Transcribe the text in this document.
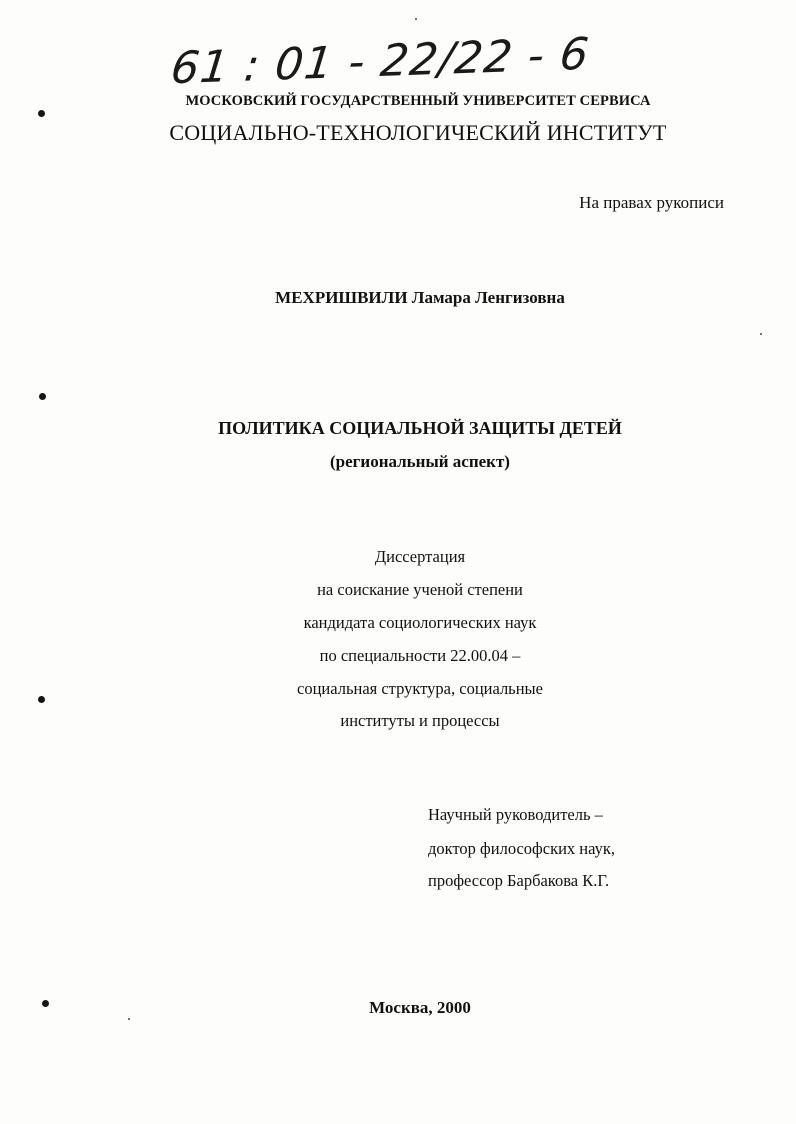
61 : 01 - 22/22 - 6
МОСКОВСКИЙ ГОСУДАРСТВЕННЫЙ УНИВЕРСИТЕТ СЕРВИСА
СОЦИАЛЬНО-ТЕХНОЛОГИЧЕСКИЙ ИНСТИТУТ
На правах рукописи
МЕХРИШВИЛИ Ламара Ленгизовна
ПОЛИТИКА СОЦИАЛЬНОЙ ЗАЩИТЫ ДЕТЕЙ
(региональный аспект)
Диссертация
на соискание ученой степени
кандидата социологических наук
по специальности 22.00.04 –
социальная структура, социальные
институты и процессы
Научный руководитель –
доктор философских наук,
профессор Барбакова К.Г.
Москва, 2000
